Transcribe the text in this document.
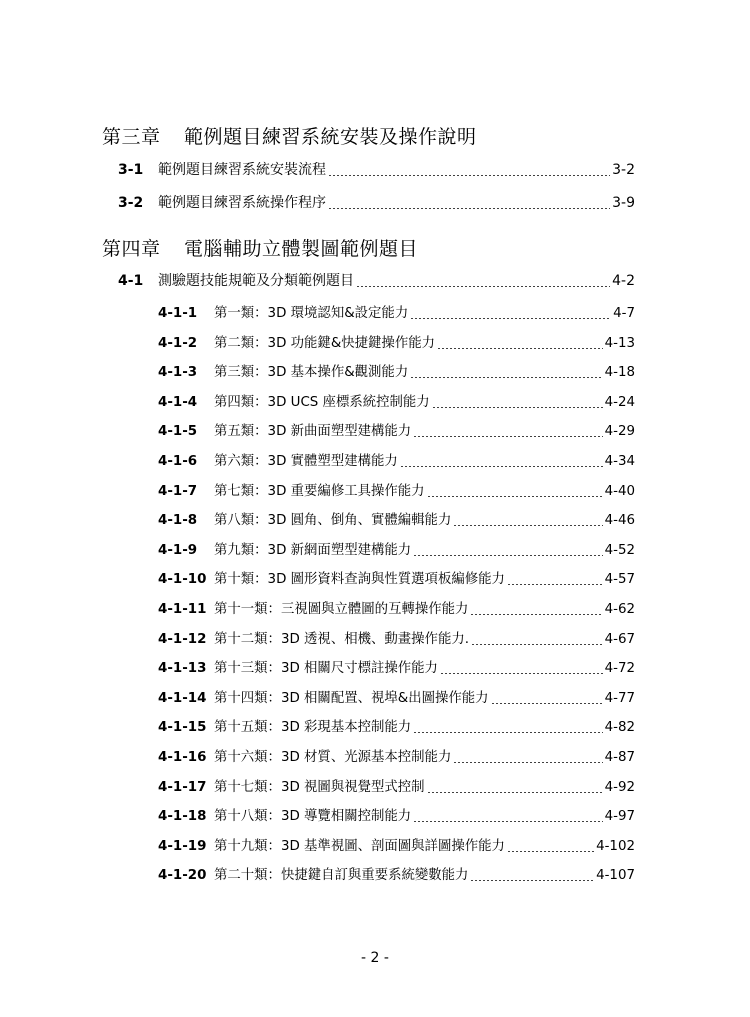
第三章 範例題目練習系統安裝及操作說明
3-1	範例題目練習系統安裝流程	3-2
3-2	範例題目練習系統操作程序	3-9
第四章 電腦輔助立體製圖範例題目
4-1	測驗題技能規範及分類範例題目	4-2
4-1-1	第一類：3D 環境認知&設定能力	4-7
4-1-2	第二類：3D 功能鍵&快捷鍵操作能力	4-13
4-1-3	第三類：3D 基本操作&觀測能力	4-18
4-1-4	第四類：3D UCS 座標系統控制能力	4-24
4-1-5	第五類：3D 新曲面塑型建構能力	4-29
4-1-6	第六類：3D 實體塑型建構能力	4-34
4-1-7	第七類：3D 重要編修工具操作能力	4-40
4-1-8	第八類：3D 圓角、倒角、實體編輯能力	4-46
4-1-9	第九類：3D 新網面塑型建構能力	4-52
4-1-10 第十類：3D 圖形資料查詢與性質選項板編修能力	4-57
4-1-11 第十一類：三視圖與立體圖的互轉操作能力	4-62
4-1-12 第十二類：3D 透視、相機、動畫操作能力.	4-67
4-1-13 第十三類：3D 相關尺寸標註操作能力	4-72
4-1-14 第十四類：3D 相關配置、視埠&出圖操作能力	4-77
4-1-15 第十五類：3D 彩現基本控制能力	4-82
4-1-16 第十六類：3D 材質、光源基本控制能力	4-87
4-1-17 第十七類：3D 視圖與視覺型式控制	4-92
4-1-18 第十八類：3D 導覽相關控制能力	4-97
4-1-19 第十九類：3D 基準視圖、剖面圖與詳圖操作能力	4-102
4-1-20 第二十類：快捷鍵自訂與重要系統變數能力	4-107
- 2 -
